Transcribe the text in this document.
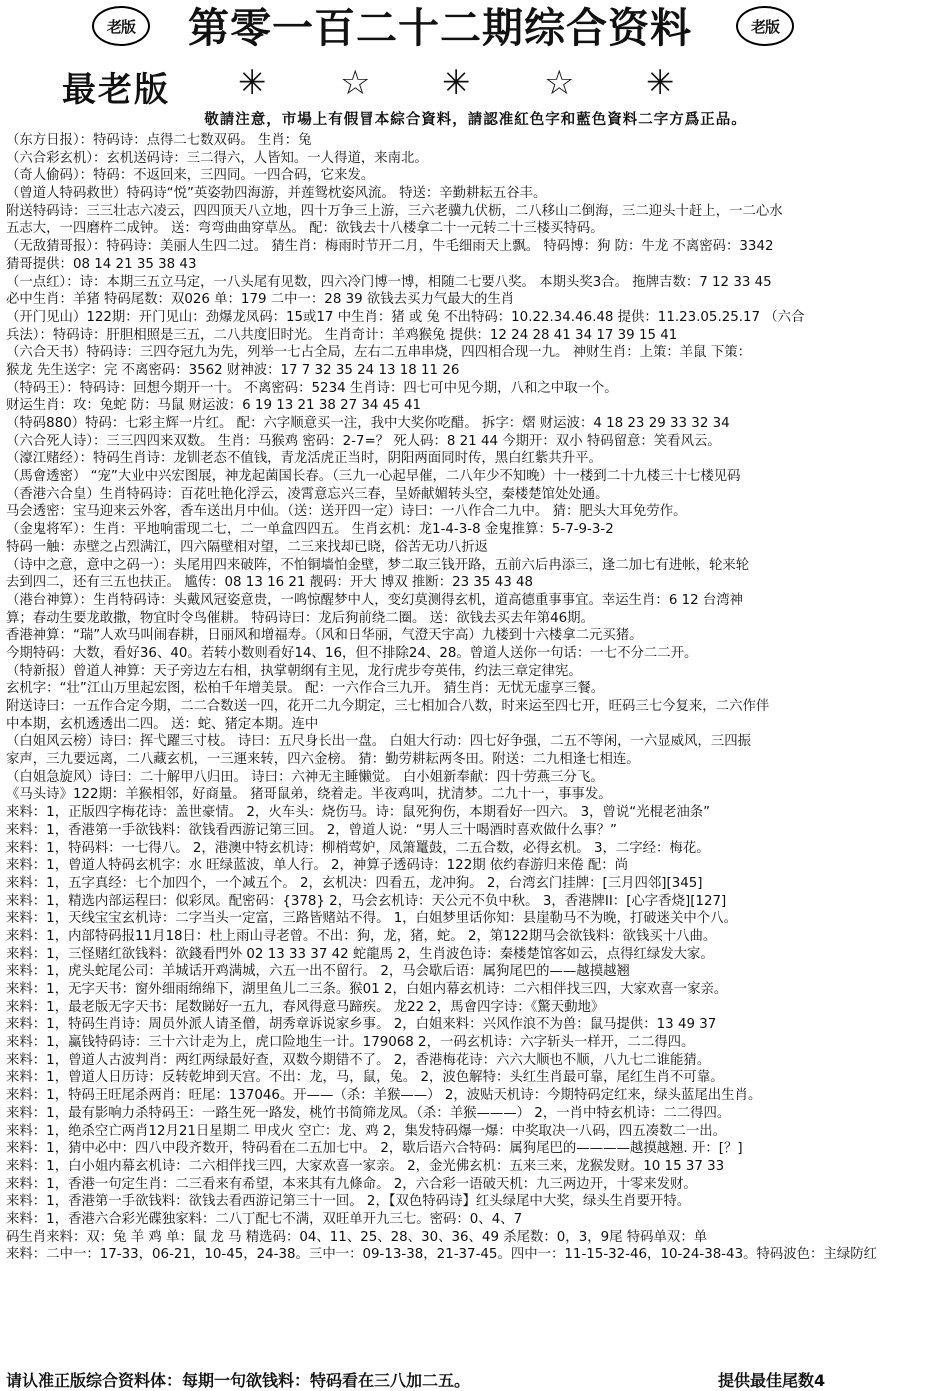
老版	第零一百二十二期综合资料	老版
最老版 ✳ ☆ ✳ ☆ ✳
敬請注意，市場上有假冒本綜合資料，請認准紅色字和藍色資料二字方爲正品。
（东方日报）：特码诗：点得二七数双码。 生肖：兔
（六合彩玄机）：玄机送码诗：三二得六，人皆知。一人得道，来南北。
（奇人偷码）：特码：不返回来，三四同。一四合码，它来发。
（曾道人特码救世）特码诗“悦”英姿勃四海游，并莲鸳枕姿风流。 特送：辛勤耕耘五谷丰。
附送特码诗：三三壮志六凌云，四四顶天八立地，四十万争三上游，三六老骥九伏枥，二八移山二倒海，三二迎头十赶上，一二心水
五志大，一四磨杵二成钟。 送：弯弯曲曲穿草丛。 配：欲钱去十八楼拿二十一元转二十三楼买特码。
（无敌猜哥报）：特码诗：美丽人生四二过。 猜生肖：梅雨时节开二月，牛毛细雨天上飘。 特码博：狗 防：牛龙 不离密码：3342
猜哥提供：08 14 21 35 38 43
（一点红）：诗：本期三五立马定，一八头尾有见数，四六冷门博一博，相随二七要八奖。 本期头奖3合。 拖牌吉数：7 12 33 45
必中生肖：羊猪 特码尾数：双026 单：179 二中一：28 39 欲钱去买力气最大的生肖
（开门见山）122期：开门见山：劲爆龙凤码：15或17 中生肖：猪 或 兔 不出特码：10.22.34.46.48 提供：11.23.05.25.17 （六合
兵法）：特码诗：肝胆相照是三五，二八共度旧时光。 生肖奇计：羊鸡猴兔 提供：12 24 28 41 34 17 39 15 41
（六合天书）特码诗：三四夺冠九为先，列举一七占全局，左右二五串串烧，四四相合现一九。 神财生肖：上策：羊鼠 下策：
猴龙 先生送字：完 不离密码：3562 财神波：17 7 32 35 24 13 18 11 26
（特码王）：特码诗：回想今期开一十。 不离密码：5234 生肖诗：四七可中见今期，八和之中取一个。
财运生肖：攻：兔蛇 防：马鼠 财运波：6 19 13 21 38 27 34 45 41
（特码880）特码：七彩主辉一片红。 配：六字顺意买一注，我中大奖你吃醋。 拆字：熠 财运波：4 18 23 29 33 32 34
（六合死人诗）：三三四四来双数。 生肖：马猴鸡 密码：2-7=？ 死人码：8 21 44 今期开：双小 特码留意：笑看风云。
（濠江赌经）：特码生肖诗：龙钏老态不值钱，青龙活虎正当时，阴阳两面同时传，黑白红紫共升平。
（馬會透密） “宠”大业中兴宏图展，神龙起菌国长春。（三九一心起早催，二八年少不知晚）十一楼到二十九楼三十七楼见码
（香港六合皇）生肖特码诗：百花吐艳化浮云，凌霄意忘兴三春，呈娇献媚转头空，秦楼楚馆处处通。
马会透密：宝马迎来云外客，香车送出月中仙。（送：送开四一定）诗曰：一八作合二九中。 猜：肥头大耳免劳作。
（金鬼将军）：生肖：平地响雷现二七，二一单盒四四五。 生肖玄机：龙1-4-3-8 金鬼推算：5-7-9-3-2
特码一触：赤壁之占烈满江，四六隔壁相对望，二三来找却已晓，俗苦无功八折返
（诗中之意，意中之码一）：头尾用四来破阵，不怕铜墙怕金壁，梦二取三钱开路，五前六后冉添三，逢二加七有进帐，轮来轮
去到四二，还有三五也扶正。 尴传：08 13 16 21 靓码：开大 博双 推断：23 35 43 48
（港台神算）：生肖特码诗：头戴风冠姿意贵，一鸣惊醒梦中人，变幻莫测得玄机，道高德重事事宜。幸运生肖：6 12 台湾神
算；春动生要龙敢撒，物宜时令鸟催耕。 特码诗曰：龙后狗前绕二圈。 送：欲钱去买去年第46期。
香港神算：“瑞”人欢马叫闹春耕，日丽风和增福寿。（风和日华丽，气澄天宇高）九楼到十六楼拿二元买猪。
今期特码：大数，看好36、40。若转小数则看好14、16，但不排除24、28。曾道人送你一句话：一七不分二二开。
（特新报）曾道人神算：天子旁边左右相，执掌朝纲有主见，龙行虎步夸英伟，约法三章定律宪。
玄机字：“壮”江山万里起宏图，松柏千年增美景。 配：一六作合三九开。 猜生肖：无忧无虚享三餐。
附送诗曰：一五作合定今期，二二合数送一四，花开二九今期定，三七相加合八数，时来运至四七开，旺码三七今复来，二六作伴
中本期，玄机透透出二四。 送：蛇、猪定本期。连中
（白姐风云榜）诗曰：挥弋躍三寸枝。 诗曰：五尺身长出一盘。 白姐大行动：四七好争强，二五不等闲，一六显威风，三四振
家声，三九要远离，二八藏玄机，一三運来转，四六金榜。 猜：勤劳耕耘两冬田。附送：二九相逢七相连。
（白姐急旋风）诗曰：二十解甲八归田。 诗曰：六神无主睡懒觉。 白小姐新奉献：四十劳燕三分飞。
《马头诗》122期：羊猴相邻，好商量。 猪哥鼠弟，绕着走。半夜鸡叫，扰清梦。二九十一，事事发。
来料：1，正版四字梅花诗：盖世豪情。 2，火车头：烧伤马。诗：鼠死狗伤，本期看好一四六。 3，曾说“光棍老油条”
来料：1，香港第一手欲钱料：欲钱看西游记第三回。 2，曾道人说：“男人三十喝酒时喜欢做什么事？”
来料：1，特码料：一七得八。 2，港澳中特玄机诗：柳梢莺妒，凤箫鼍鼓，二五合数，必得玄机。 3，二字经：梅花。
来料：1，曾道人特码玄机字：水 旺绿蓝波，单人行。 2，神算子透码诗：122期 依约春游归来倦 配：尚
来料：1，五字真经：七个加四个，一个减五个。 2，玄机决：四看五，龙冲狗。 2，台湾玄门挂牌：[三月四邻][345]
来料：1，精选内部运程曰：似彩凤。配密码：{378} 2，马会玄机诗：天公元不负中秋。 3，香港牌II：[心字香烧][127]
来料：1，天线宝宝玄机诗：二字当头一定富，三路皆赌站不得。 1，白姐梦里话你知：县崖勒马不为晚，打破迷关中个八。
来料：1，内部特码报11月18日：杜上雨山寻老曾。不出：狗，龙，猪，蛇。 2，第122期马会欲钱料：欲钱买十八曲。
来料：1，三怪赌红欲钱料：欲錢看門外 02 13 33 37 42 蛇龍馬 2，生肖波色诗：秦楼楚馆客如云，点得红绿发大家。
来料：1，虎头蛇尾公司：羊城话开鸡满城，六五一出不留行。 2，马会歇后语：属狗尾巴的——越摸越翘
来料：1，无字天书：窗外细雨绵绵下，湖里鱼儿二三条。猴01 2，白姐内幕玄机诗：二六相伴找三四，大家欢喜一家亲。
来料：1，最老版无字天书：尾数睇好一五九，春风得意马蹄疾。 龙22 2，馬會四字诗：《驚天動地》
来料：1，特码生肖诗：周员外派人请圣僧，胡秀章诉说家乡事。 2，白姐来料：兴风作浪不为兽：鼠马提供：13 49 37
来料：1，赢钱特码诗：三十六计走为上，虎口险地生一计。179068 2，一码玄机诗：六字斩头一样开，二二得四。
来料：1，曾道人古波判肖：两红两绿最好查，双数今期错不了。 2，香港梅花诗：六六大顺也不顺，八九七二谁能猜。
来料：1，曾道人日历诗：反转乾坤到天宫。不出：龙，马，鼠，兔。 2，波色解特：头红生肖最可靠，尾红生肖不可靠。
来料：1，特码王旺尾杀两肖：旺尾：137046。开——（杀：羊猴——） 2，波贴天机诗：今期特码定红来，绿头蓝尾出生肖。
来料：1，最有影响力杀特码王：一路生死一路发，桃竹书简筛龙凤。（杀：羊猴———） 2，一肖中特玄机诗：二二得四。
来料：1，绝杀空亡两肖12月21日星期二 甲戌火 空亡：龙、鸡 2，集发特码爆一爆：中奖取决一八码，四五凑数二一出。
来料：1，猜中必中：四八中段齐数开，特码看在二五加七中。 2，歇后语六合特码：属狗尾巴的————越摸越翘. 开：[？]
来料：1，白小姐内幕玄机诗：二六相伴找三四，大家欢喜一家亲。 2，金光佛玄机：五来三来，龙猴发财。10 15 37 33
来料：1，香港一句定生肖：二三看来有希望，本来其有九條命。 2，六合彩一语破天机：九三两边开，十零来发财。
来料：1，香港第一手欲钱料：欲钱去看西游记第三十一回。 2，【双色特码诗】红头绿尾中大奖，绿头生肖要开特。
来料：1，香港六合彩光碟独家料：二八丁配七不满，双旺单开九三七。密码：0、4、7
码生肖来料：双：兔 羊 鸡 单：鼠 龙 马 精选码：04、11、25、28、30、36、49 杀尾数：0，3，9尾 特码单双：单
来料：二中一：17-33，06-21，10-45，24-38。三中一：09-13-38，21-37-45。四中一：11-15-32-46，10-24-38-43。特码波色：主绿防红
请认准正版综合资料体：每期一句欲钱料：特码看在三八加二五。	提供最佳尾数4
